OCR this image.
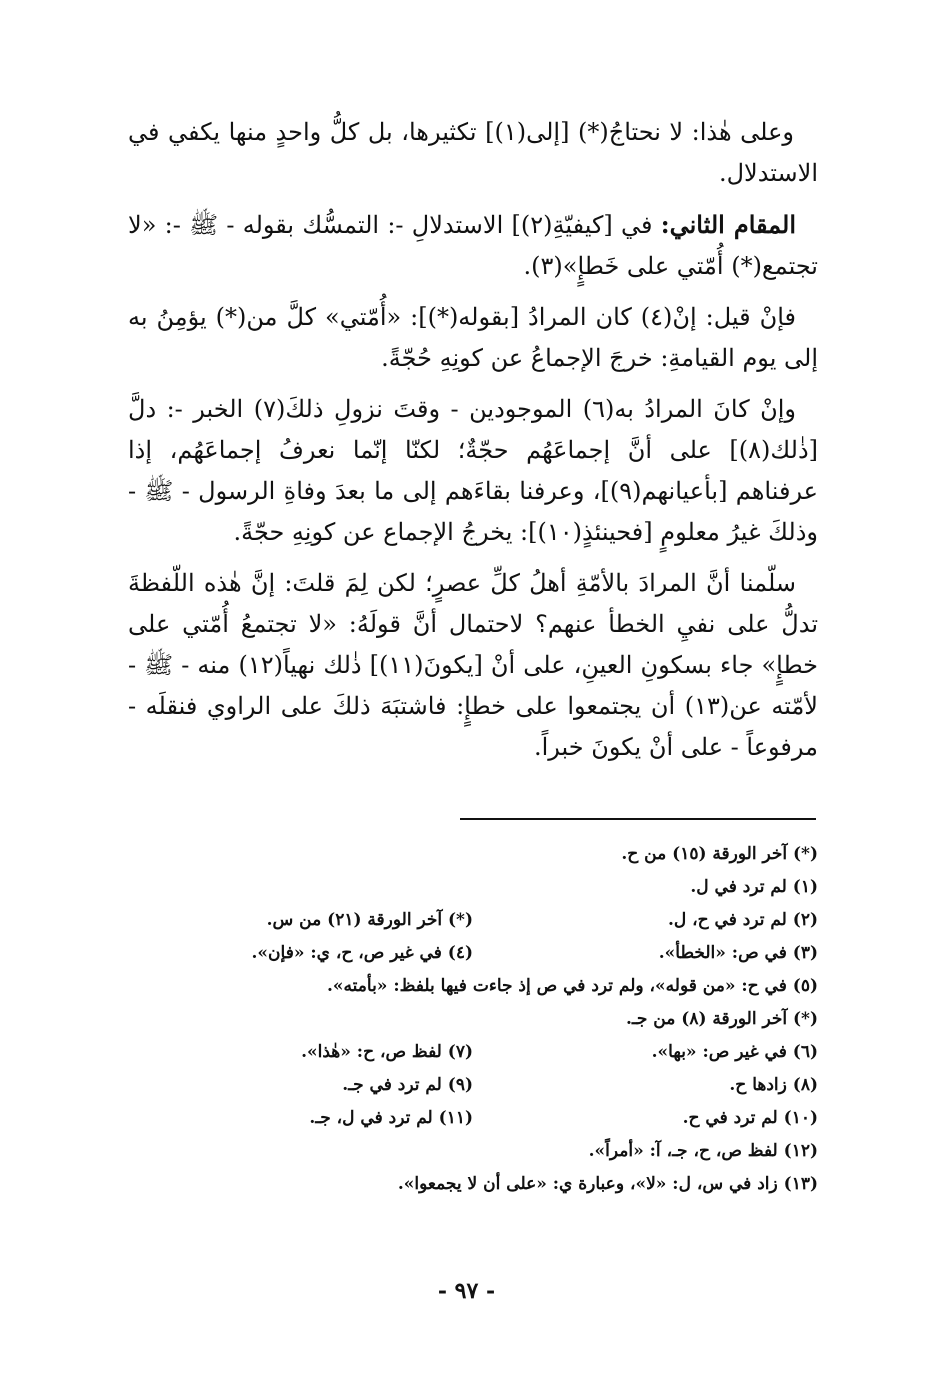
وعلى هٰذا: لا نحتاجُ(*) [إلى(١)] تكثيرها، بل كلُّ واحدٍ منها يكفي في الاستدلال.

المقام الثاني: في [كيفيّةِ(٢)] الاستدلالِ -: التمسُّك بقوله - ﷺ -: «لا تجتمع(*) أُمّتي على خَطإٍ»(٣).

فإنْ قيل: إنْ(٤) كان المرادُ [بقوله(*)]: «أُمّتي» كلَّ من(*) يؤمِنُ به إلى يوم القيامةِ: خرجَ الإجماعُ عن كونِهِ حُجّةً.

وإنْ كانَ المرادُ به(٦) الموجودين - وقتَ نزولِ ذلكَ(٧) الخبر -: دلَّ [ذٰلك(٨)] على أنَّ إجماعَهُم حجّةٌ؛ لكنّا إنّما نعرفُ إجماعَهُم، إذا عرفناهم [بأعيانهم(٩)]، وعرفنا بقاءَهم إلى ما بعدَ وفاةِ الرسول - ﷺ - وذلكَ غيرُ معلومٍ [فحينئذٍ(١٠)]: يخرجُ الإجماع عن كونِهِ حجّةً.

سلّمنا أنَّ المرادَ بالأمّةِ أهلُ كلِّ عصرٍ؛ لكن لِمَ قلتَ: إنَّ هٰذه اللّفظةَ تدلُّ على نفيِ الخطأ عنهم؟ لاحتمال أنَّ قولَهُ: «لا تجتمعُ أُمّتي على خطإٍ» جاء بسكونِ العينِ، على أنْ [يكونَ(١١)] ذٰلك نهياً(١٢) منه - ﷺ - لأمّته عن(١٣) أن يجتمعوا على خطإٍ: فاشتبَهَ ذلكَ على الراوي فنقلَه - مرفوعاً - على أنْ يكونَ خبراً.

(*) آخر الورقة (١٥) من ح.
(١) لم ترد في ل.
(٢) لم ترد في ح، ل.
(*) آخر الورقة (٢١) من س.
(٣) في ص: «الخطأ».
(٤) في غير ص، ح، ي: «فإن».
(٥) في ح: «من قوله»، ولم ترد في ص إذ جاءت فيها بلفظ: «بأمته».
(*) آخر الورقة (٨) من جـ.
(٦) في غير ص: «بها».
(٧) لفظ ص، ح: «هٰذا».
(٨) زادها ح.
(٩) لم ترد في جـ.
(١٠) لم ترد في ح.
(١١) لم ترد في ل، جـ.
(١٢) لفظ ص، ح، جـ، آ: «أمراً».
(١٣) زاد في س، ل: «لا»، وعبارة ي: «على أن لا يجمعوا».
- ٩٧ -
